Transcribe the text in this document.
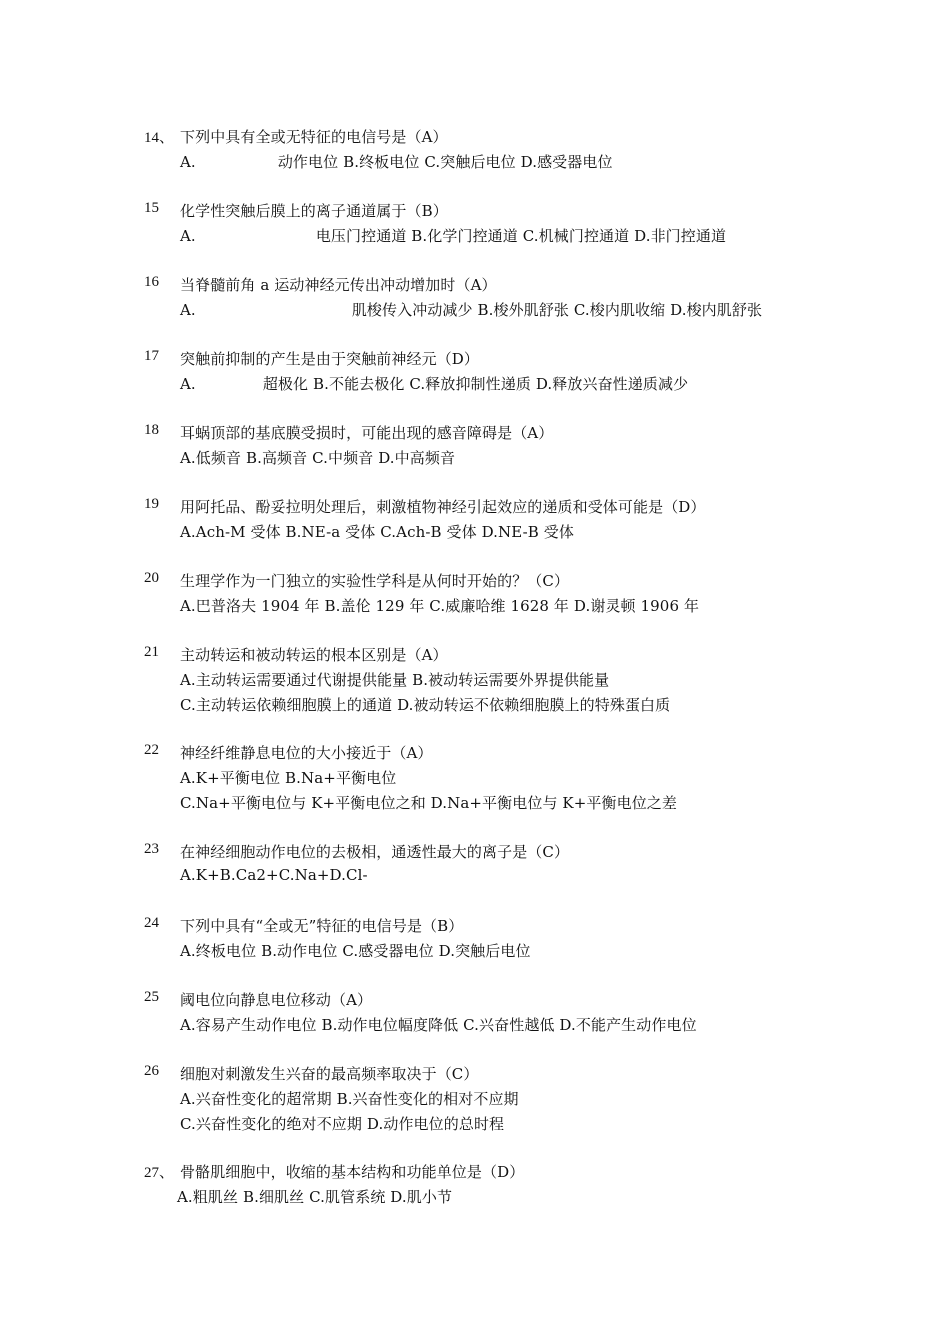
14、 下列中具有全或无特征的电信号是（A）
A.	动作电位 B.终板电位 C.突触后电位 D.感受器电位
15 化学性突触后膜上的离子通道属于（B）
A.	电压门控通道 B.化学门控通道 C.机械门控通道 D.非门控通道
16 当脊髓前角 a 运动神经元传出冲动增加时（A）
A.	肌梭传入冲动减少 B.梭外肌舒张 C.梭内肌收缩 D.梭内肌舒张
17 突触前抑制的产生是由于突触前神经元（D）
A.	超极化 B.不能去极化 C.释放抑制性递质 D.释放兴奋性递质减少
18 耳蜗顶部的基底膜受损时，可能出现的感音障碍是（A）
A.低频音 B.高频音 C.中频音 D.中高频音
19 用阿托品、酚妥拉明处理后，刺激植物神经引起效应的递质和受体可能是（D）
A.Ach-M 受体 B.NE-a 受体 C.Ach-B 受体 D.NE-B 受体
20 生理学作为一门独立的实验性学科是从何时开始的？（C）
A.巴普洛夫 1904 年 B.盖伦 129 年 C.威廉哈维 1628 年 D.谢灵顿 1906 年
21 主动转运和被动转运的根本区别是（A）
A.主动转运需要通过代谢提供能量 B.被动转运需要外界提供能量
C.主动转运依赖细胞膜上的通道 D.被动转运不依赖细胞膜上的特殊蛋白质
22 神经纤维静息电位的大小接近于（A）
A.K+平衡电位 B.Na+平衡电位
C.Na+平衡电位与 K+平衡电位之和 D.Na+平衡电位与 K+平衡电位之差
23 在神经细胞动作电位的去极相，通透性最大的离子是（C）
A.K+B.Ca2+C.Na+D.Cl-
24 下列中具有“全或无”特征的电信号是（B）
A.终板电位 B.动作电位 C.感受器电位 D.突触后电位
25 阈电位向静息电位移动（A）
A.容易产生动作电位 B.动作电位幅度降低 C.兴奋性越低 D.不能产生动作电位
26 细胞对刺激发生兴奋的最高频率取决于（C）
A.兴奋性变化的超常期 B.兴奋性变化的相对不应期
C.兴奋性变化的绝对不应期 D.动作电位的总时程
27、 骨骼肌细胞中，收缩的基本结构和功能单位是（D）
A.粗肌丝 B.细肌丝 C.肌管系统 D.肌小节
